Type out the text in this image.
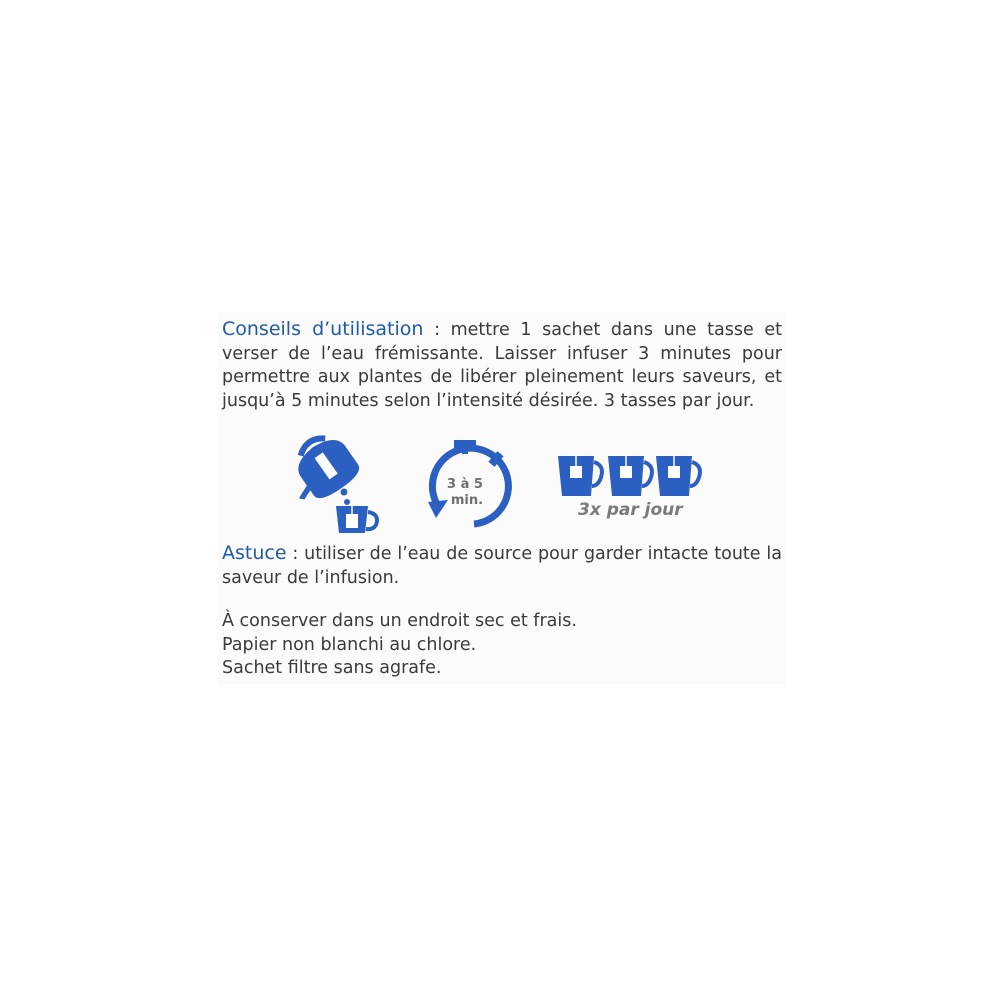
Conseils d’utilisation : mettre 1 sachet dans une tasse et verser de l’eau frémissante. Laisser infuser 3 minutes pour permettre aux plantes de libérer pleinement leurs saveurs, et jusqu’à 5 minutes selon l’intensité désirée. 3 tasses par jour.
3 à 5
min.	3x par jour
Astuce : utiliser de l’eau de source pour garder intacte toute la saveur de l’infusion.
À conserver dans un endroit sec et frais.
Papier non blanchi au chlore.
Sachet filtre sans agrafe.
